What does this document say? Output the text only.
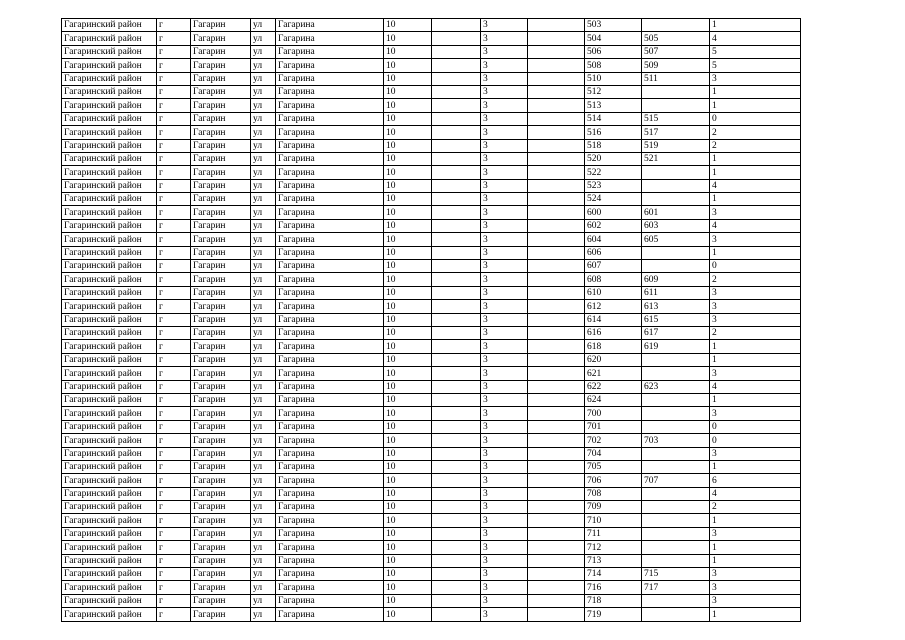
Гагаринский район	г	Гагарин	ул	Гагарина	10		3		503		1
Гагаринский район	г	Гагарин	ул	Гагарина	10		3		504	505	4
Гагаринский район	г	Гагарин	ул	Гагарина	10		3		506	507	5
Гагаринский район	г	Гагарин	ул	Гагарина	10		3		508	509	5
Гагаринский район	г	Гагарин	ул	Гагарина	10		3		510	511	3
Гагаринский район	г	Гагарин	ул	Гагарина	10		3		512		1
Гагаринский район	г	Гагарин	ул	Гагарина	10		3		513		1
Гагаринский район	г	Гагарин	ул	Гагарина	10		3		514	515	0
Гагаринский район	г	Гагарин	ул	Гагарина	10		3		516	517	2
Гагаринский район	г	Гагарин	ул	Гагарина	10		3		518	519	2
Гагаринский район	г	Гагарин	ул	Гагарина	10		3		520	521	1
Гагаринский район	г	Гагарин	ул	Гагарина	10		3		522		1
Гагаринский район	г	Гагарин	ул	Гагарина	10		3		523		4
Гагаринский район	г	Гагарин	ул	Гагарина	10		3		524		1
Гагаринский район	г	Гагарин	ул	Гагарина	10		3		600	601	3
Гагаринский район	г	Гагарин	ул	Гагарина	10		3		602	603	4
Гагаринский район	г	Гагарин	ул	Гагарина	10		3		604	605	3
Гагаринский район	г	Гагарин	ул	Гагарина	10		3		606		1
Гагаринский район	г	Гагарин	ул	Гагарина	10		3		607		0
Гагаринский район	г	Гагарин	ул	Гагарина	10		3		608	609	2
Гагаринский район	г	Гагарин	ул	Гагарина	10		3		610	611	3
Гагаринский район	г	Гагарин	ул	Гагарина	10		3		612	613	3
Гагаринский район	г	Гагарин	ул	Гагарина	10		3		614	615	3
Гагаринский район	г	Гагарин	ул	Гагарина	10		3		616	617	2
Гагаринский район	г	Гагарин	ул	Гагарина	10		3		618	619	1
Гагаринский район	г	Гагарин	ул	Гагарина	10		3		620		1
Гагаринский район	г	Гагарин	ул	Гагарина	10		3		621		3
Гагаринский район	г	Гагарин	ул	Гагарина	10		3		622	623	4
Гагаринский район	г	Гагарин	ул	Гагарина	10		3		624		1
Гагаринский район	г	Гагарин	ул	Гагарина	10		3		700		3
Гагаринский район	г	Гагарин	ул	Гагарина	10		3		701		0
Гагаринский район	г	Гагарин	ул	Гагарина	10		3		702	703	0
Гагаринский район	г	Гагарин	ул	Гагарина	10		3		704		3
Гагаринский район	г	Гагарин	ул	Гагарина	10		3		705		1
Гагаринский район	г	Гагарин	ул	Гагарина	10		3		706	707	6
Гагаринский район	г	Гагарин	ул	Гагарина	10		3		708		4
Гагаринский район	г	Гагарин	ул	Гагарина	10		3		709		2
Гагаринский район	г	Гагарин	ул	Гагарина	10		3		710		1
Гагаринский район	г	Гагарин	ул	Гагарина	10		3		711		3
Гагаринский район	г	Гагарин	ул	Гагарина	10		3		712		1
Гагаринский район	г	Гагарин	ул	Гагарина	10		3		713		1
Гагаринский район	г	Гагарин	ул	Гагарина	10		3		714	715	3
Гагаринский район	г	Гагарин	ул	Гагарина	10		3		716	717	3
Гагаринский район	г	Гагарин	ул	Гагарина	10		3		718		3
Гагаринский район	г	Гагарин	ул	Гагарина	10		3		719		1
